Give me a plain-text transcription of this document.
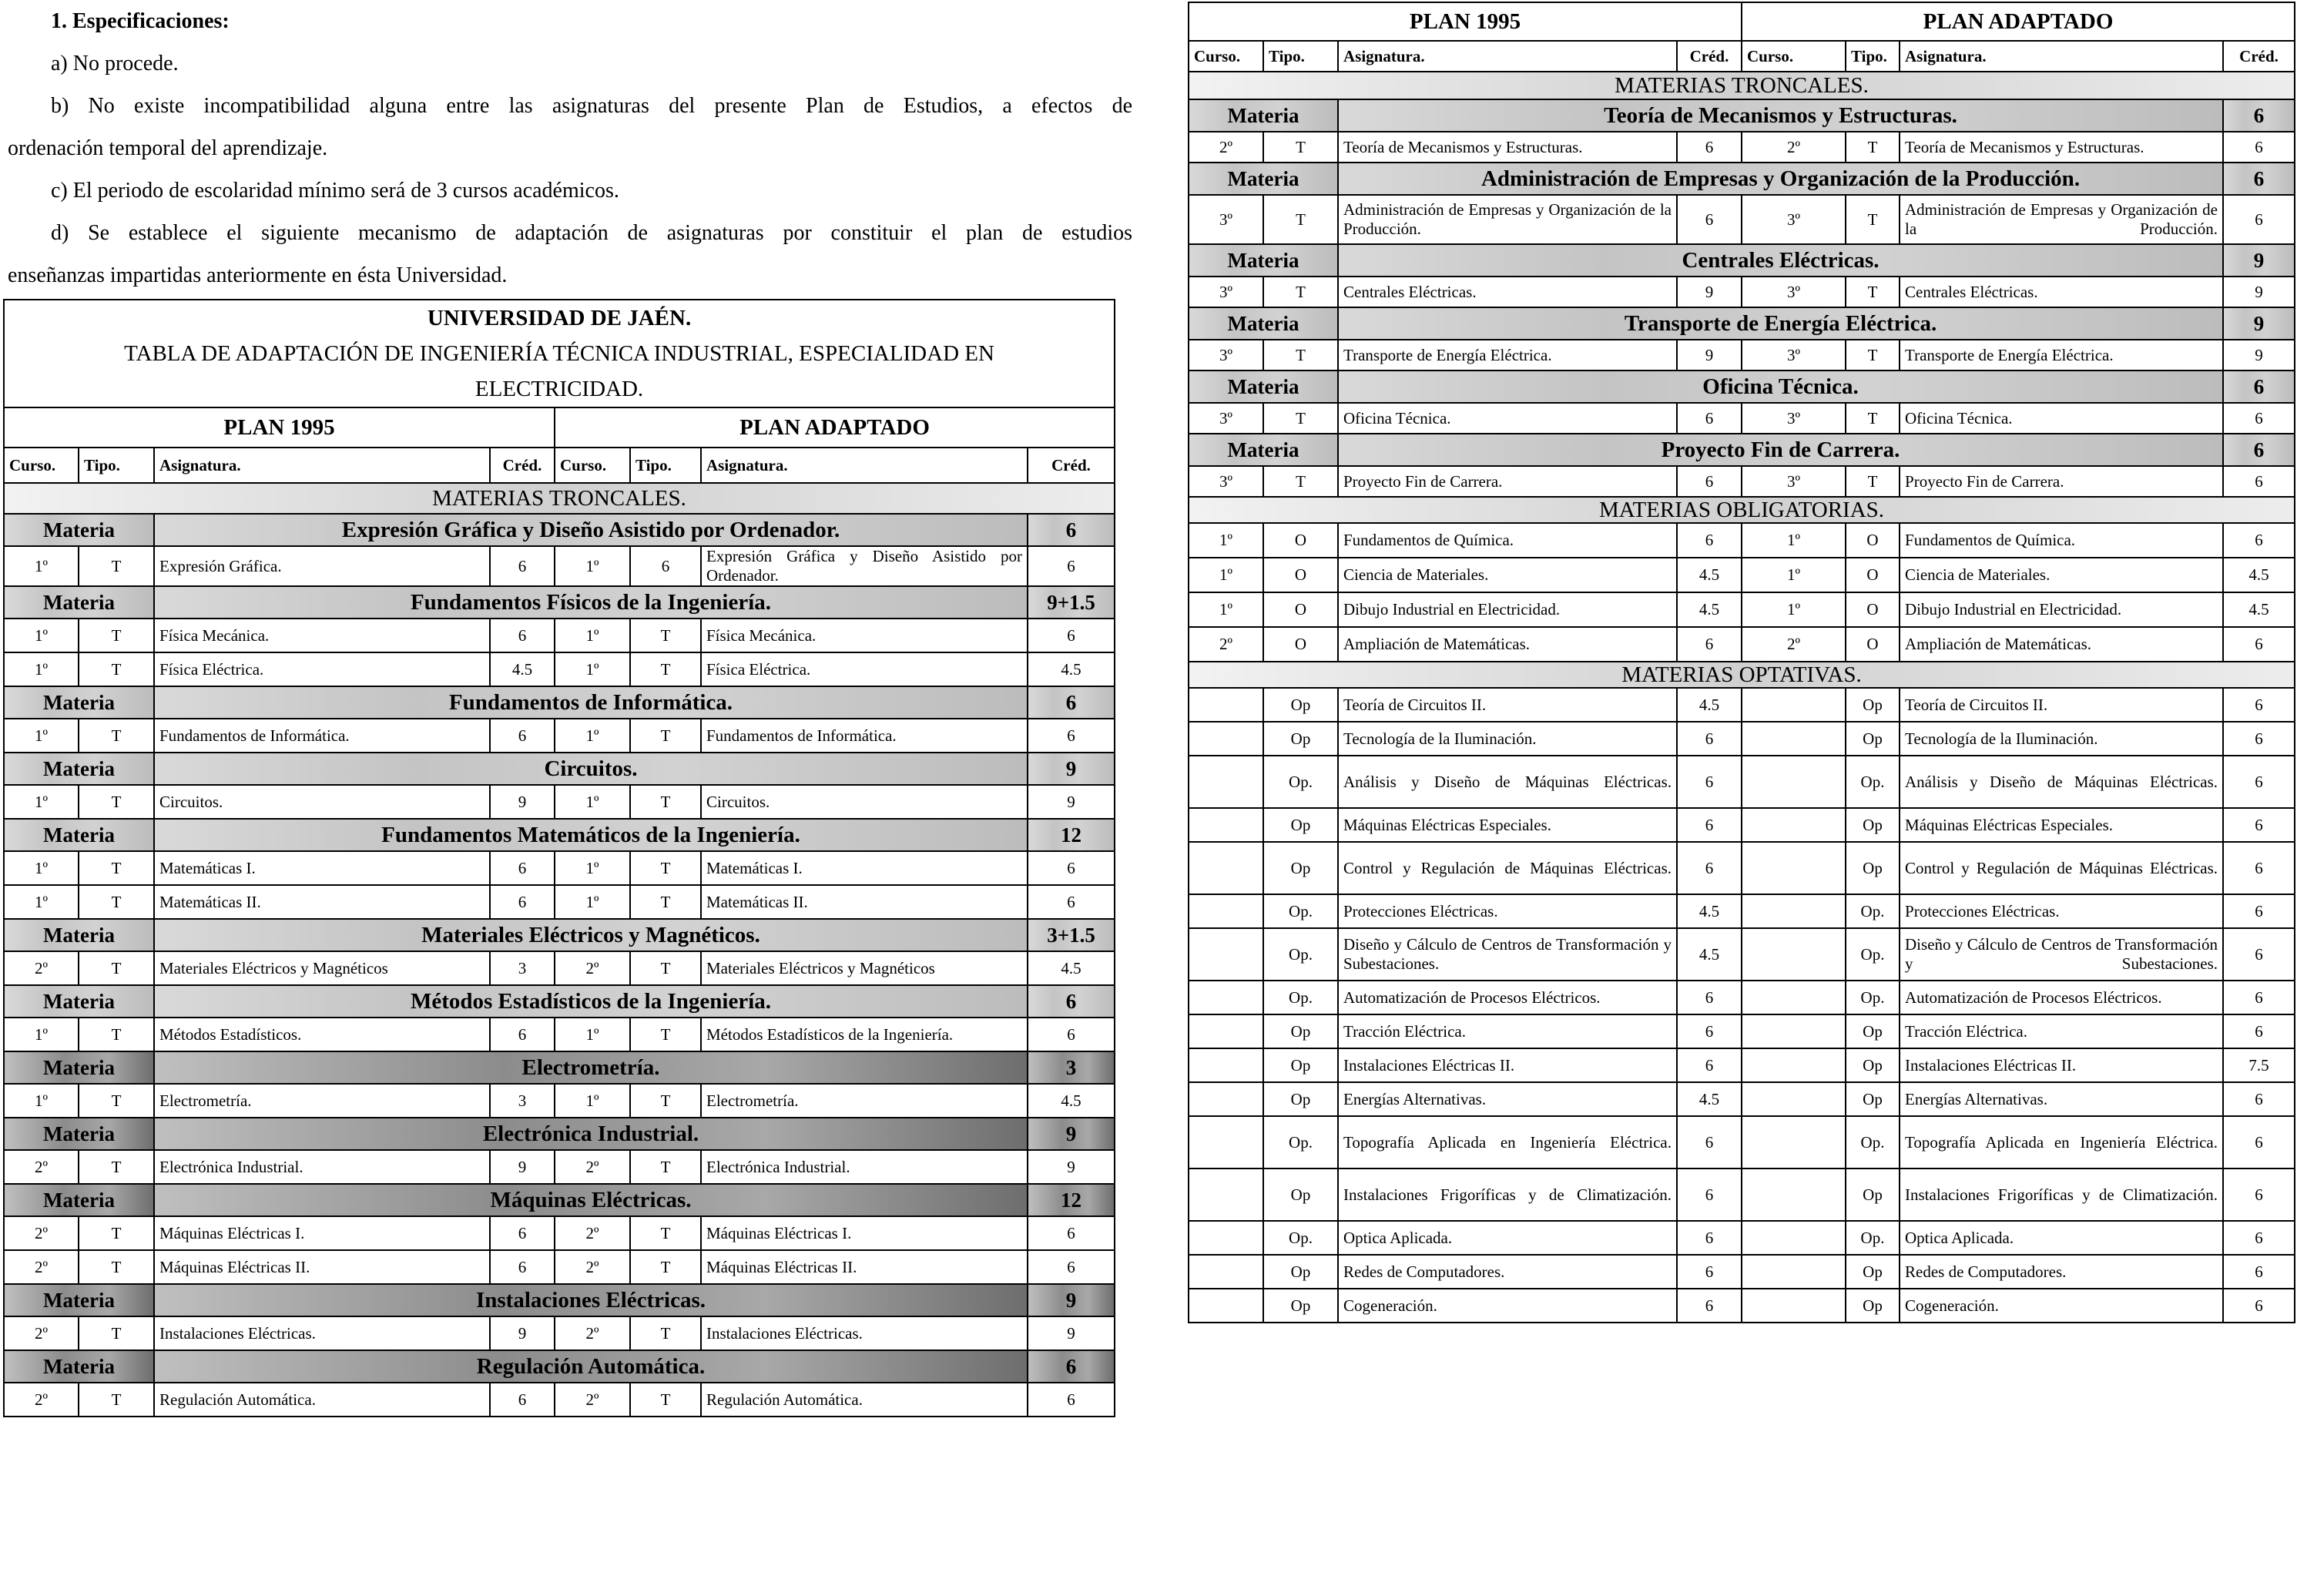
1. Especificaciones:

a) No procede.

b) No existe incompatibilidad alguna entre las asignaturas del presente Plan de Estudios, a efectos de

ordenación temporal del aprendizaje.

c) El periodo de escolaridad mínimo será de 3 cursos académicos.

d) Se establece el siguiente mecanismo de adaptación de asignaturas por constituir el plan de estudios

enseñanzas impartidas anteriormente en ésta Universidad.

UNIVERSIDAD DE JAÉN.							
TABLA DE ADAPTACIÓN DE INGENIERÍA TÉCNICA INDUSTRIAL, ESPECIALIDAD EN							
ELECTRICIDAD.							
PLAN 1995				PLAN ADAPTADO			
Curso.	Tipo.	Asignatura.	Créd.	Curso.	Tipo.	Asignatura.	Créd.
MATERIAS TRONCALES.							
Materia		Expresión Gráfica y Diseño Asistido por Ordenador.					6
1º	T	Expresión Gráfica.	6	1º	6	Expresión Gráfica y Diseño Asistido por Ordenador.	6
Materia		Fundamentos Físicos de la Ingeniería.					9+1.5
1º	T	Física Mecánica.	6	1º	T	Física Mecánica.	6
1º	T	Física Eléctrica.	4.5	1º	T	Física Eléctrica.	4.5
Materia		Fundamentos de Informática.					6
1º	T	Fundamentos de Informática.	6	1º	T	Fundamentos de Informática.	6
Materia		Circuitos.					9
1º	T	Circuitos.	9	1º	T	Circuitos.	9
Materia		Fundamentos Matemáticos de la Ingeniería.					12
1º	T	Matemáticas I.	6	1º	T	Matemáticas I.	6
1º	T	Matemáticas II.	6	1º	T	Matemáticas II.	6
Materia		Materiales Eléctricos y Magnéticos.					3+1.5
2º	T	Materiales Eléctricos y Magnéticos	3	2º	T	Materiales Eléctricos y Magnéticos	4.5
Materia		Métodos Estadísticos de la Ingeniería.					6
1º	T	Métodos Estadísticos.	6	1º	T	Métodos Estadísticos de la Ingeniería.	6
Materia		Electrometría.					3
1º	T	Electrometría.	3	1º	T	Electrometría.	4.5
Materia		Electrónica Industrial.					9
2º	T	Electrónica Industrial.	9	2º	T	Electrónica Industrial.	9
Materia		Máquinas Eléctricas.					12
2º	T	Máquinas Eléctricas I.	6	2º	T	Máquinas Eléctricas I.	6
2º	T	Máquinas Eléctricas II.	6	2º	T	Máquinas Eléctricas II.	6
Materia		Instalaciones Eléctricas.					9
2º	T	Instalaciones Eléctricas.	9	2º	T	Instalaciones Eléctricas.	9
Materia		Regulación Automática.					6
2º	T	Regulación Automática.	6	2º	T	Regulación Automática.	6
PLAN 1995				PLAN ADAPTADO			
Curso.	Tipo.	Asignatura.	Créd.	Curso.	Tipo.	Asignatura.	Créd.
MATERIAS TRONCALES.							
Materia		Teoría de Mecanismos y Estructuras.					6
2º	T	Teoría de Mecanismos y Estructuras.	6	2º	T	Teoría de Mecanismos y Estructuras.	6
Materia		Administración de Empresas y Organización de la Producción.					6
3º	T	Administración de Empresas y Organización de la Producción.	6	3º	T	Administración de Empresas y Organización de la Producción.	6
Materia		Centrales Eléctricas.					9
3º	T	Centrales Eléctricas.	9	3º	T	Centrales Eléctricas.	9
Materia		Transporte de Energía Eléctrica.					9
3º	T	Transporte de Energía Eléctrica.	9	3º	T	Transporte de Energía Eléctrica.	9
Materia		Oficina Técnica.					6
3º	T	Oficina Técnica.	6	3º	T	Oficina Técnica.	6
Materia		Proyecto Fin de Carrera.					6
3º	T	Proyecto Fin de Carrera.	6	3º	T	Proyecto Fin de Carrera.	6
MATERIAS OBLIGATORIAS.							
1º	O	Fundamentos de Química.	6	1º	O	Fundamentos de Química.	6
1º	O	Ciencia de Materiales.	4.5	1º	O	Ciencia de Materiales.	4.5
1º	O	Dibujo Industrial en Electricidad.	4.5	1º	O	Dibujo Industrial en Electricidad.	4.5
2º	O	Ampliación de Matemáticas.	6	2º	O	Ampliación de Matemáticas.	6
MATERIAS OPTATIVAS.							
	Op	Teoría de Circuitos II.	4.5		Op	Teoría de Circuitos II.	6
	Op	Tecnología de la Iluminación.	6		Op	Tecnología de la Iluminación.	6
	Op.	Análisis y Diseño de Máquinas Eléctricas.	6		Op.	Análisis y Diseño de Máquinas Eléctricas.	6
	Op	Máquinas Eléctricas Especiales.	6		Op	Máquinas Eléctricas Especiales.	6
	Op	Control y Regulación de Máquinas Eléctricas.	6		Op	Control y Regulación de Máquinas Eléctricas.	6
	Op.	Protecciones Eléctricas.	4.5		Op.	Protecciones Eléctricas.	6
	Op.	Diseño y Cálculo de Centros de Transformación y Subestaciones.	4.5		Op.	Diseño y Cálculo de Centros de Transformación y Subestaciones.	6
	Op.	Automatización de Procesos Eléctricos.	6		Op.	Automatización de Procesos Eléctricos.	6
	Op	Tracción Eléctrica.	6		Op	Tracción Eléctrica.	6
	Op	Instalaciones Eléctricas II.	6		Op	Instalaciones Eléctricas II.	7.5
	Op	Energías Alternativas.	4.5		Op	Energías Alternativas.	6
	Op.	Topografía Aplicada en Ingeniería Eléctrica.	6		Op.	Topografía Aplicada en Ingeniería Eléctrica.	6
	Op	Instalaciones Frigoríficas y de Climatización.	6		Op	Instalaciones Frigoríficas y de Climatización.	6
	Op.	Optica Aplicada.	6		Op.	Optica Aplicada.	6
	Op	Redes de Computadores.	6		Op	Redes de Computadores.	6
	Op	Cogeneración.	6		Op	Cogeneración.	6
